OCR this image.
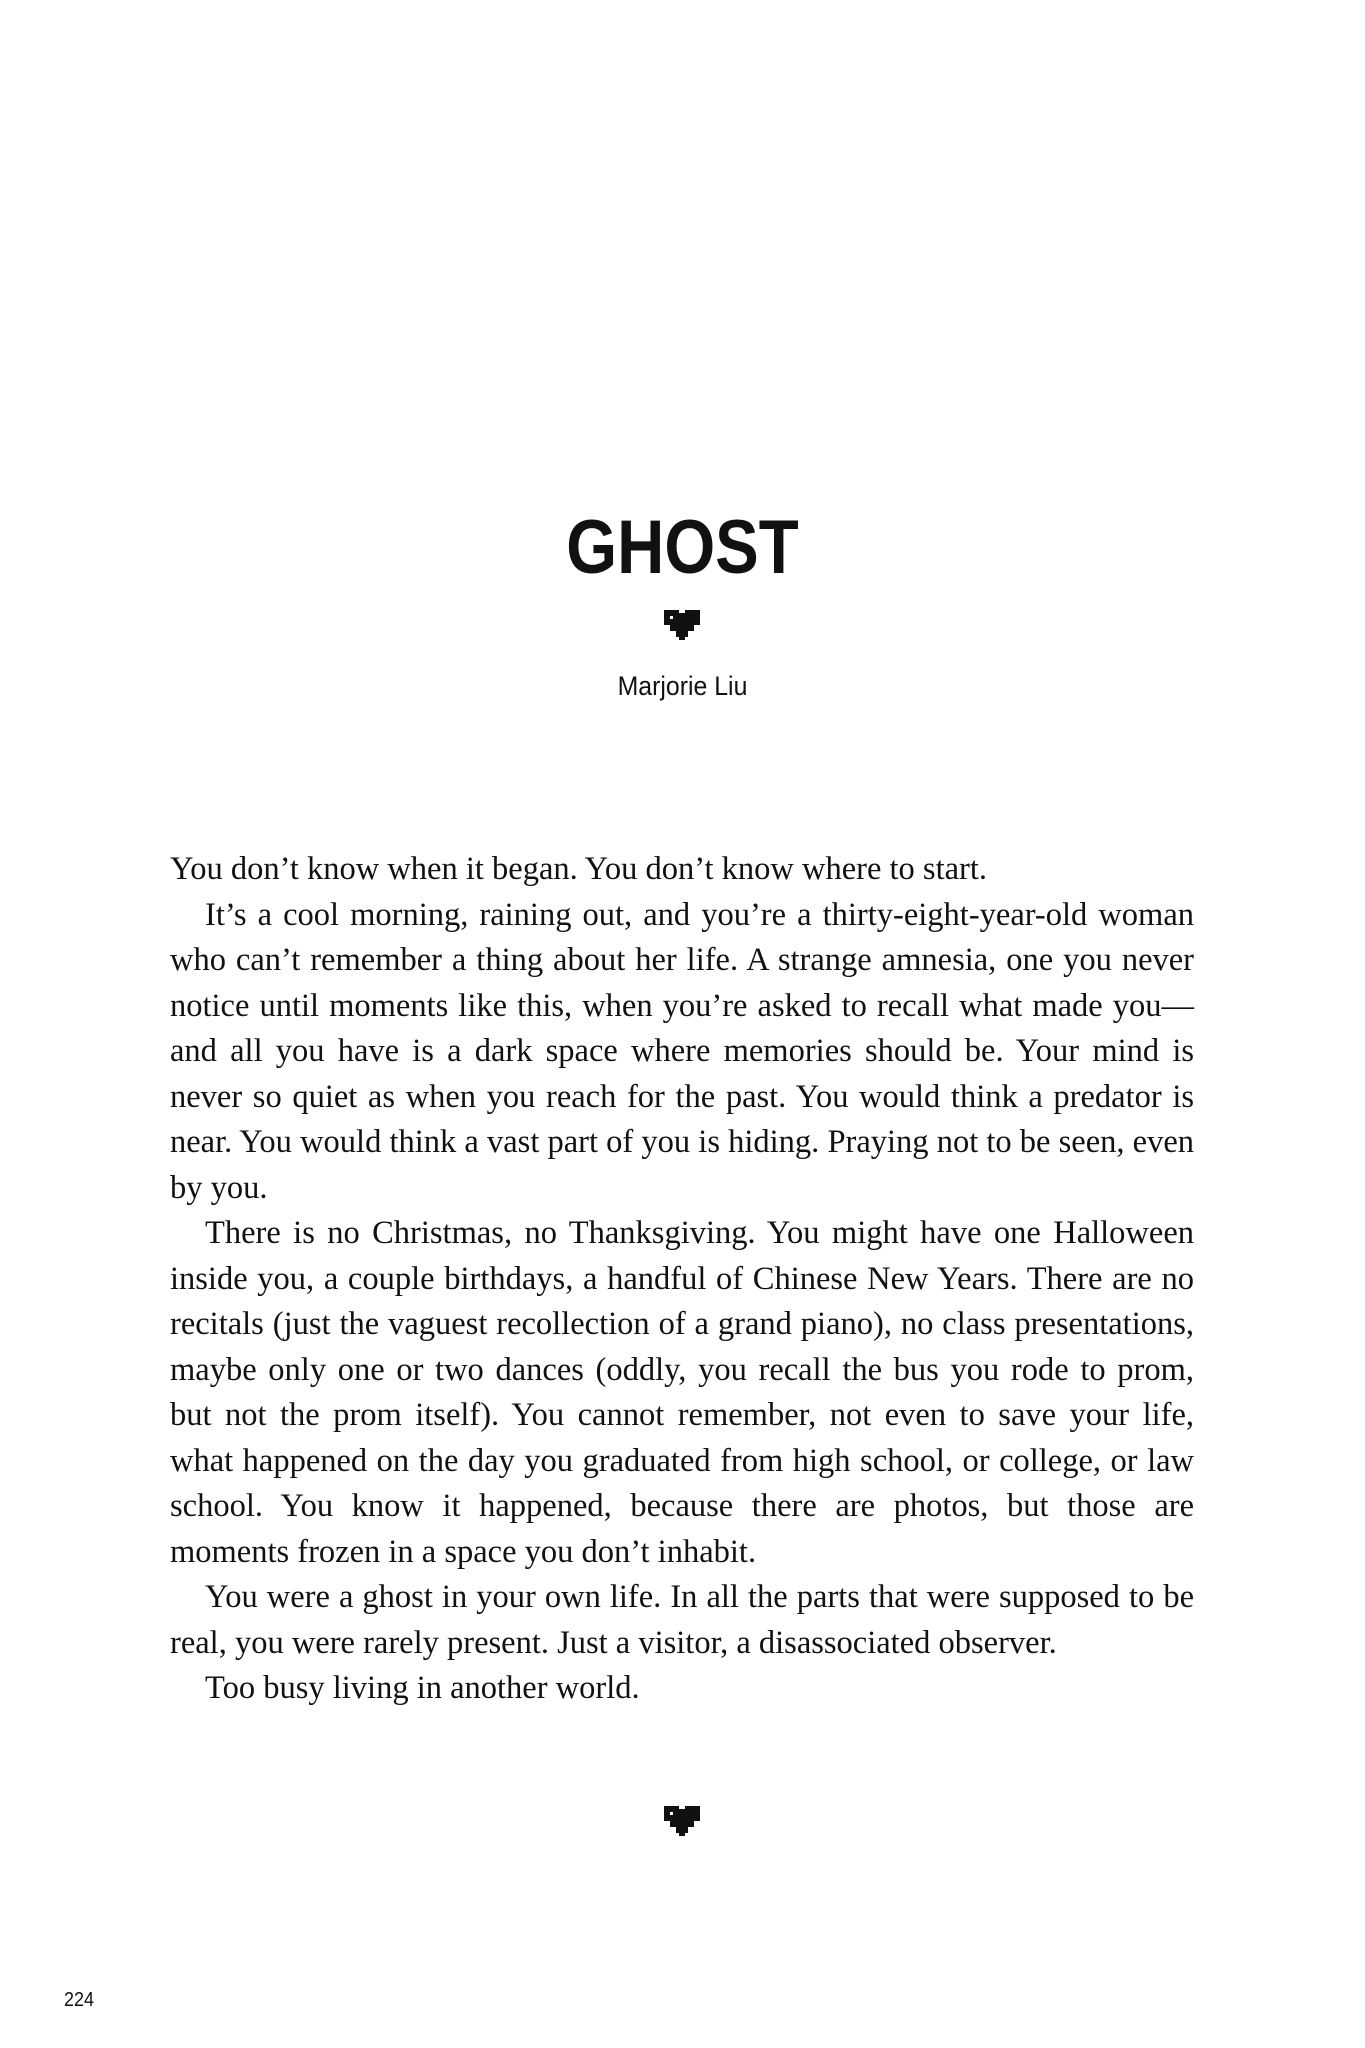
GHOST
Marjorie Liu

You don’t know when it began. You don’t know where to start.

It’s a cool morning, raining out, and you’re a thirty-eight-year-old woman who can’t remember a thing about her life. A strange amnesia, one you never notice until moments like this, when you’re asked to recall what made you—and all you have is a dark space where memories should be. Your mind is never so quiet as when you reach for the past. You would think a predator is near. You would think a vast part of you is hiding. Praying not to be seen, even by you.

There is no Christmas, no Thanksgiving. You might have one Halloween inside you, a couple birthdays, a handful of Chinese New Years. There are no recitals (just the vaguest recollection of a grand piano), no class presentations, maybe only one or two dances (oddly, you recall the bus you rode to prom, but not the prom itself). You cannot remember, not even to save your life, what happened on the day you graduated from high school, or college, or law school. You know it happened, because there are photos, but those are moments frozen in a space you don’t inhabit.

You were a ghost in your own life. In all the parts that were supposed to be real, you were rarely present. Just a visitor, a disassociated observer.

Too busy living in another world.

224
